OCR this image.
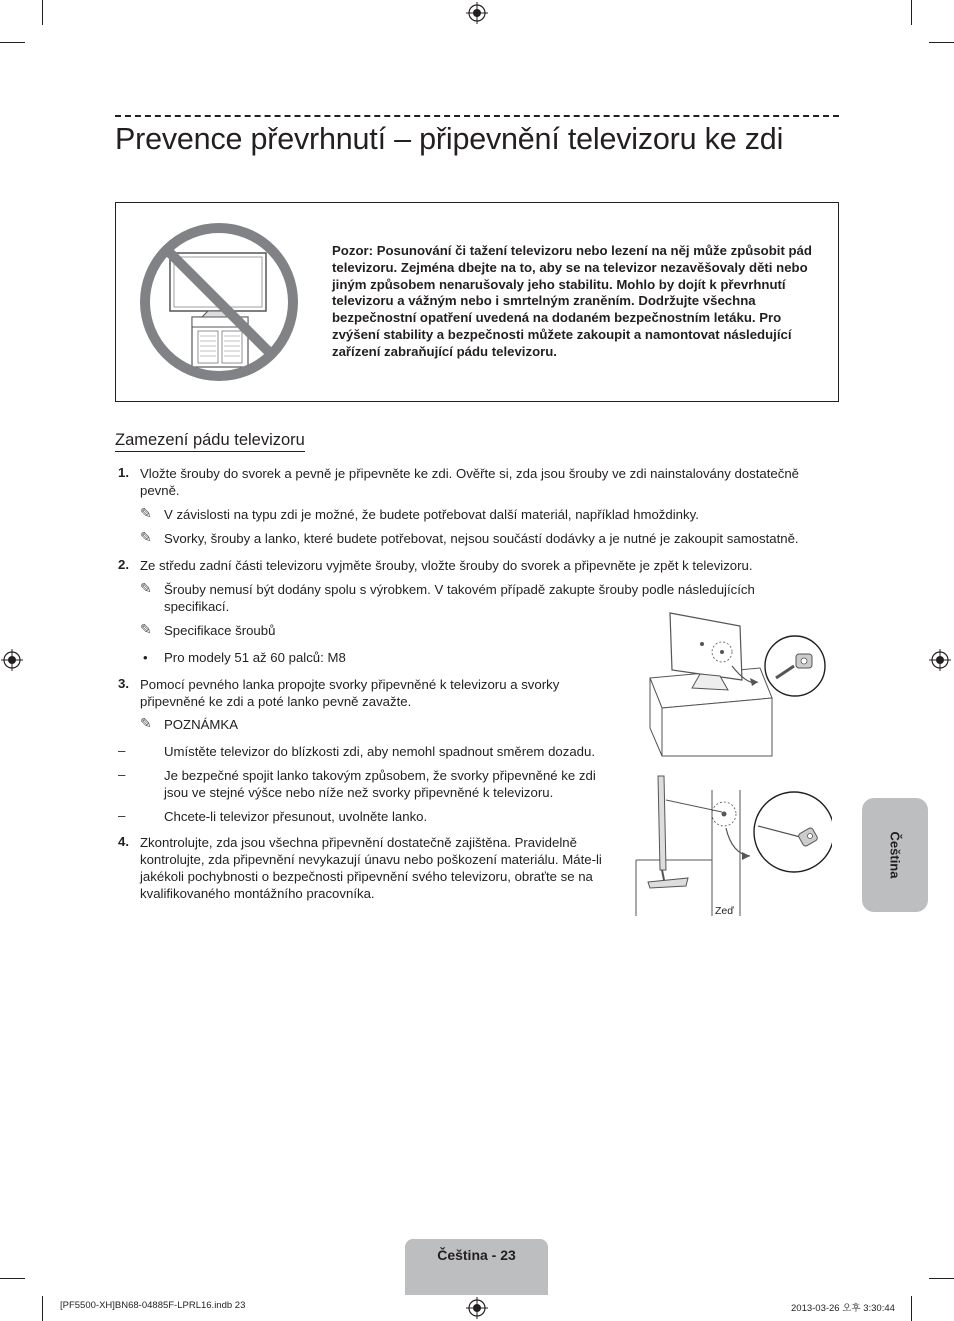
Prevence převrhnutí – připevnění televizoru ke zdi
Pozor: Posunování či tažení televizoru nebo lezení na něj může způsobit pád televizoru. Zejména dbejte na to, aby se na televizor nezavěšovaly děti nebo jiným způsobem nenarušovaly jeho stabilitu. Mohlo by dojít k převrhnutí televizoru a vážným nebo i smrtelným zraněním. Dodržujte všechna bezpečnostní opatření uvedená na dodaném bezpečnostním letáku. Pro zvýšení stability a bezpečnosti můžete zakoupit a namontovat následující zařízení zabraňující pádu televizoru.
Zamezení pádu televizoru
1. Vložte šrouby do svorek a pevně je připevněte ke zdi. Ověřte si, zda jsou šrouby ve zdi nainstalovány dostatečně pevně.
✎ V závislosti na typu zdi je možné, že budete potřebovat další materiál, například hmoždinky.
✎ Svorky, šrouby a lanko, které budete potřebovat, nejsou součástí dodávky a je nutné je zakoupit samostatně.
2. Ze středu zadní části televizoru vyjměte šrouby, vložte šrouby do svorek a připevněte je zpět k televizoru.
✎ Šrouby nemusí být dodány spolu s výrobkem. V takovém případě zakupte šrouby podle následujících specifikací.
✎ Specifikace šroubů
• Pro modely 51 až 60 palců: M8
3. Pomocí pevného lanka propojte svorky připevněné k televizoru a svorky připevněné ke zdi a poté lanko pevně zavažte.
✎ POZNÁMKA
–	Umístěte televizor do blízkosti zdi, aby nemohl spadnout směrem dozadu.
–	Je bezpečné spojit lanko takovým způsobem, že svorky připevněné ke zdi jsou ve stejné výšce nebo níže než svorky připevněné k televizoru.
–	Chcete-li televizor přesunout, uvolněte lanko.
4. Zkontrolujte, zda jsou všechna připevnění dostatečně zajištěna. Pravidelně kontrolujte, zda připevnění nevykazují únavu nebo poškození materiálu. Máte-li jakékoli pochybnosti o bezpečnosti připevnění svého televizoru, obraťte se na kvalifikovaného montážního pracovníka.
Zeď
Čeština
Čeština - 23
[PF5500-XH]BN68-04885F-LPRL16.indb 23	2013-03-26 오후 3:30:44
